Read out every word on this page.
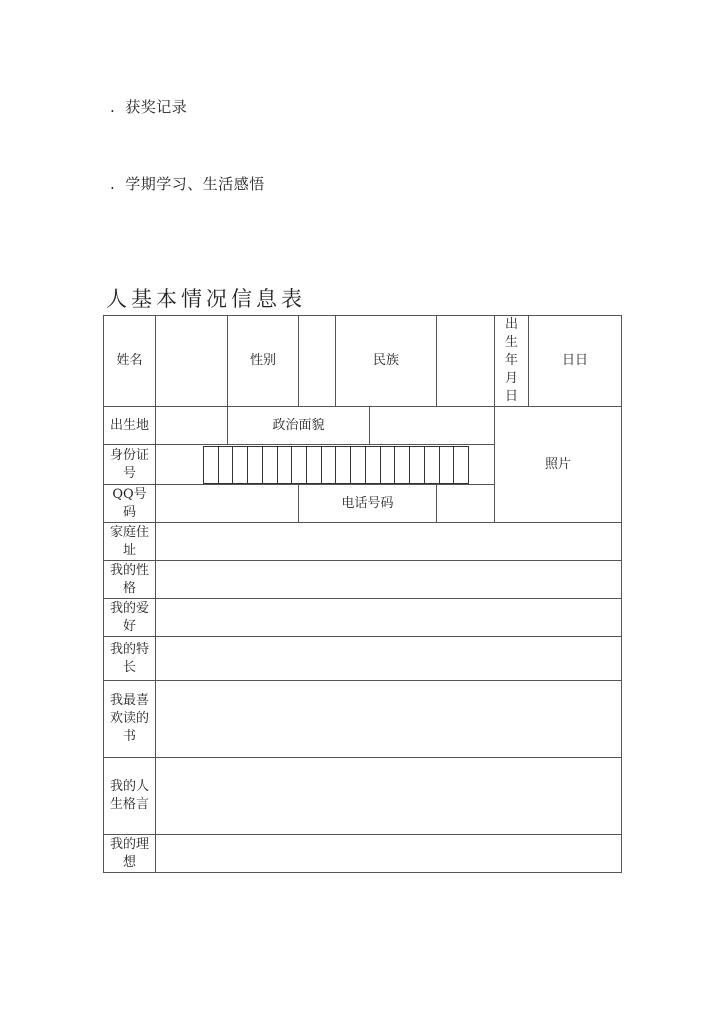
. 获奖记录
. 学期学习、生活感悟
人基本情况信息表
姓名		性别		民族			出生年月日	日日
出生地		政治面貌					照片	
身份证号								

QQ号码			电话号码					
家庭住址								
我的性格								
我的爱好								
我的特长								
我最喜欢读的书								
我的人生格言								
我的理想								
